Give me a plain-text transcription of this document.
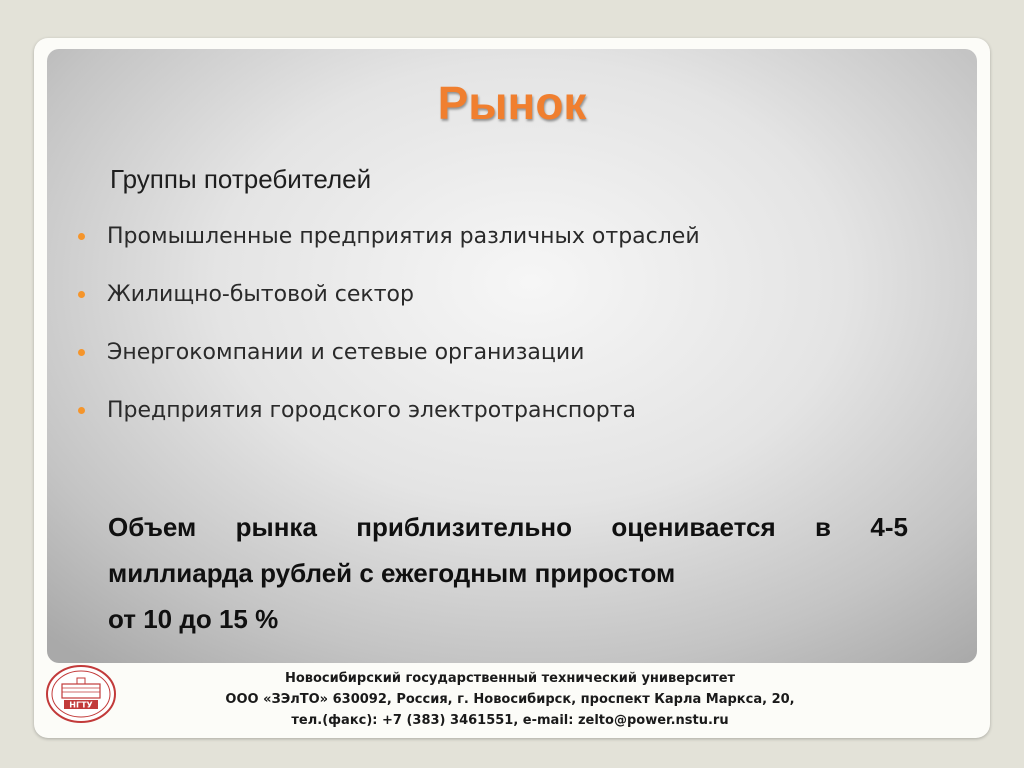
Рынок

Группы потребителей

Промышленные предприятия различных отраслей
Жилищно-бытовой сектор
Энергокомпании и сетевые организации
Предприятия городского электротранспорта
Объем рынка приблизительно оценивается в 4-5
миллиарда рублей с ежегодным приростом
от 10 до 15 %
НГТУ
Новосибирский государственный технический университет
ООО «ЗЭлТО» 630092, Россия, г. Новосибирск, проспект Карла Маркса, 20,
тел.(факс): +7 (383) 3461551, e-mail: zelto@power.nstu.ru
